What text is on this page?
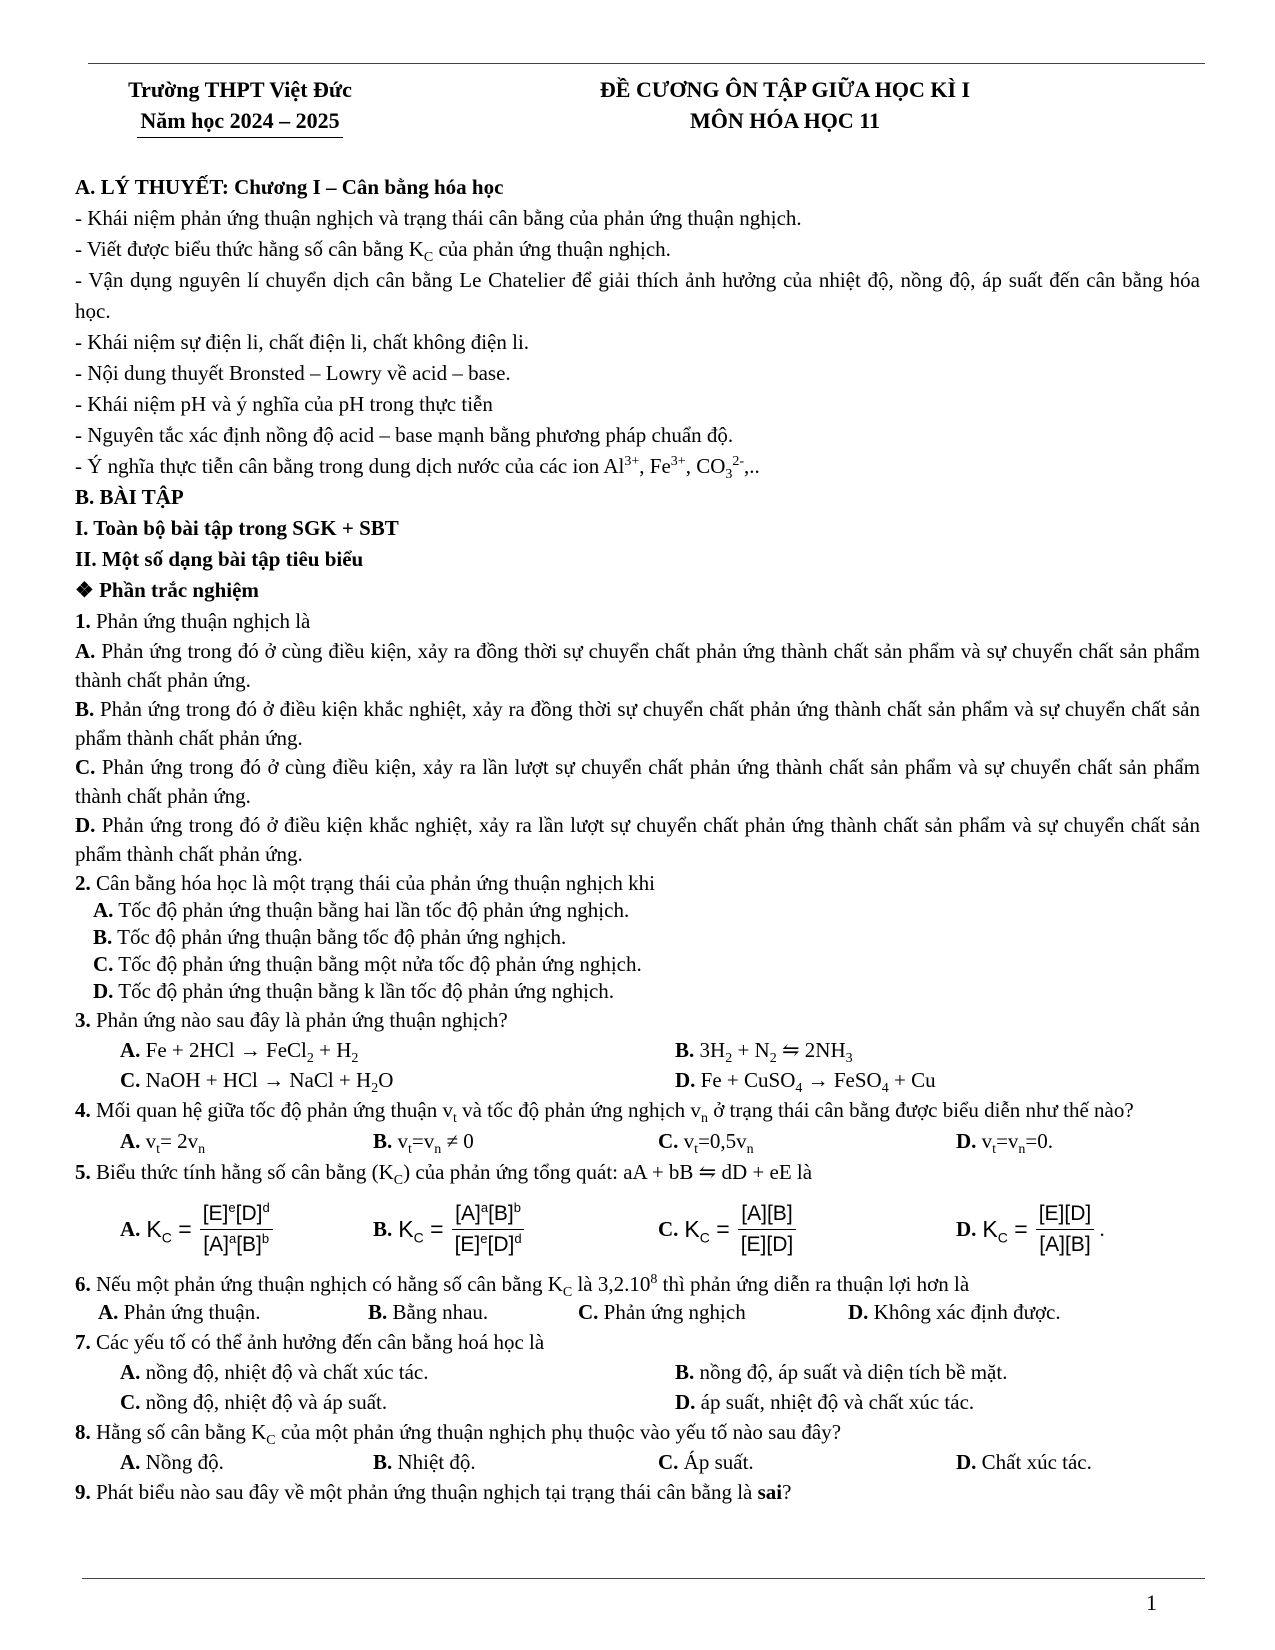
Trường THPT Việt Đức
Năm học 2024 – 2025
ĐỀ CƯƠNG ÔN TẬP GIỮA HỌC KÌ I
MÔN HÓA HỌC 11
A. LÝ THUYẾT: Chương I – Cân bằng hóa học
- Khái niệm phản ứng thuận nghịch và trạng thái cân bằng của phản ứng thuận nghịch.
- Viết được biểu thức hằng số cân bằng $K_C$ của phản ứng thuận nghịch.
- Vận dụng nguyên lí chuyển dịch cân bằng Le Chatelier để giải thích ảnh hưởng của nhiệt độ, nồng độ, áp suất đến cân bằng hóa học.
- Khái niệm sự điện li, chất điện li, chất không điện li.
- Nội dung thuyết Bronsted – Lowry về acid – base.
- Khái niệm pH và ý nghĩa của pH trong thực tiễn
- Nguyên tắc xác định nồng độ acid – base mạnh bằng phương pháp chuẩn độ.
- Ý nghĩa thực tiễn cân bằng trong dung dịch nước của các ion $Al^{3+}$, $Fe^{3+}$, $CO_3^{2-}$,..
B. BÀI TẬP
I. Toàn bộ bài tập trong SGK + SBT
II. Một số dạng bài tập tiêu biểu
❖ Phần trắc nghiệm
1. Phản ứng thuận nghịch là
A. Phản ứng trong đó ở cùng điều kiện, xảy ra đồng thời sự chuyển chất phản ứng thành chất sản phẩm và sự chuyển chất sản phẩm thành chất phản ứng.
B. Phản ứng trong đó ở điều kiện khắc nghiệt, xảy ra đồng thời sự chuyển chất phản ứng thành chất sản phẩm và sự chuyển chất sản phẩm thành chất phản ứng.
C. Phản ứng trong đó ở cùng điều kiện, xảy ra lần lượt sự chuyển chất phản ứng thành chất sản phẩm và sự chuyển chất sản phẩm thành chất phản ứng.
D. Phản ứng trong đó ở điều kiện khắc nghiệt, xảy ra lần lượt sự chuyển chất phản ứng thành chất sản phẩm và sự chuyển chất sản phẩm thành chất phản ứng.
2. Cân bằng hóa học là một trạng thái của phản ứng thuận nghịch khi
A. Tốc độ phản ứng thuận bằng hai lần tốc độ phản ứng nghịch.
B. Tốc độ phản ứng thuận bằng tốc độ phản ứng nghịch.
C. Tốc độ phản ứng thuận bằng một nửa tốc độ phản ứng nghịch.
D. Tốc độ phản ứng thuận bằng k lần tốc độ phản ứng nghịch.
3. Phản ứng nào sau đây là phản ứng thuận nghịch?
A. Fe + 2HCl → FeCl$_2$ + $H_2$	B. $3H_2 + N_2$ ⇋ $2NH_3$
C. NaOH + HCl → NaCl + $H_2O$	D. Fe + CuSO$_4$ → FeSO$_4$ + Cu
4. Mối quan hệ giữa tốc độ phản ứng thuận $v_t$ và tốc độ phản ứng nghịch $v_n$ ở trạng thái cân bằng được biểu diễn như thế nào?
A. $v_t= 2v_n$	B. $v_t=v_n \ne 0$	C. $v_t=0,5v_n$	D. $v_t=v_n=0$.
5. Biểu thức tính hằng số cân bằng $(K_C)$ của phản ứng tổng quát: aA + bB ⇋ dD + eE là
A. $K_C = \frac{[E]^e[D]^d}{[A]^a[B]^b}$	B. $K_C = \frac{[A]^a[B]^b}{[E]^e[D]^d}$	C. $K_C = \frac{[A][B]}{[E][D]}$	D. $K_C = \frac{[E][D]}{[A][B]}$ .
6. Nếu một phản ứng thuận nghịch có hằng số cân bằng $K_C$ là 3,2.10$^8$ thì phản ứng diễn ra thuận lợi hơn là
A. Phản ứng thuận.	B. Bằng nhau.	C. Phản ứng nghịch	D. Không xác định được.
7. Các yếu tố có thể ảnh hưởng đến cân bằng hoá học là
A. nồng độ, nhiệt độ và chất xúc tác.	B. nồng độ, áp suất và diện tích bề mặt.
C. nồng độ, nhiệt độ và áp suất.	D. áp suất, nhiệt độ và chất xúc tác.
8. Hằng số cân bằng $K_C$ của một phản ứng thuận nghịch phụ thuộc vào yếu tố nào sau đây?
A. Nồng độ.	B. Nhiệt độ.	C. Áp suất.	D. Chất xúc tác.
9. Phát biểu nào sau đây về một phản ứng thuận nghịch tại trạng thái cân bằng là sai?
1
